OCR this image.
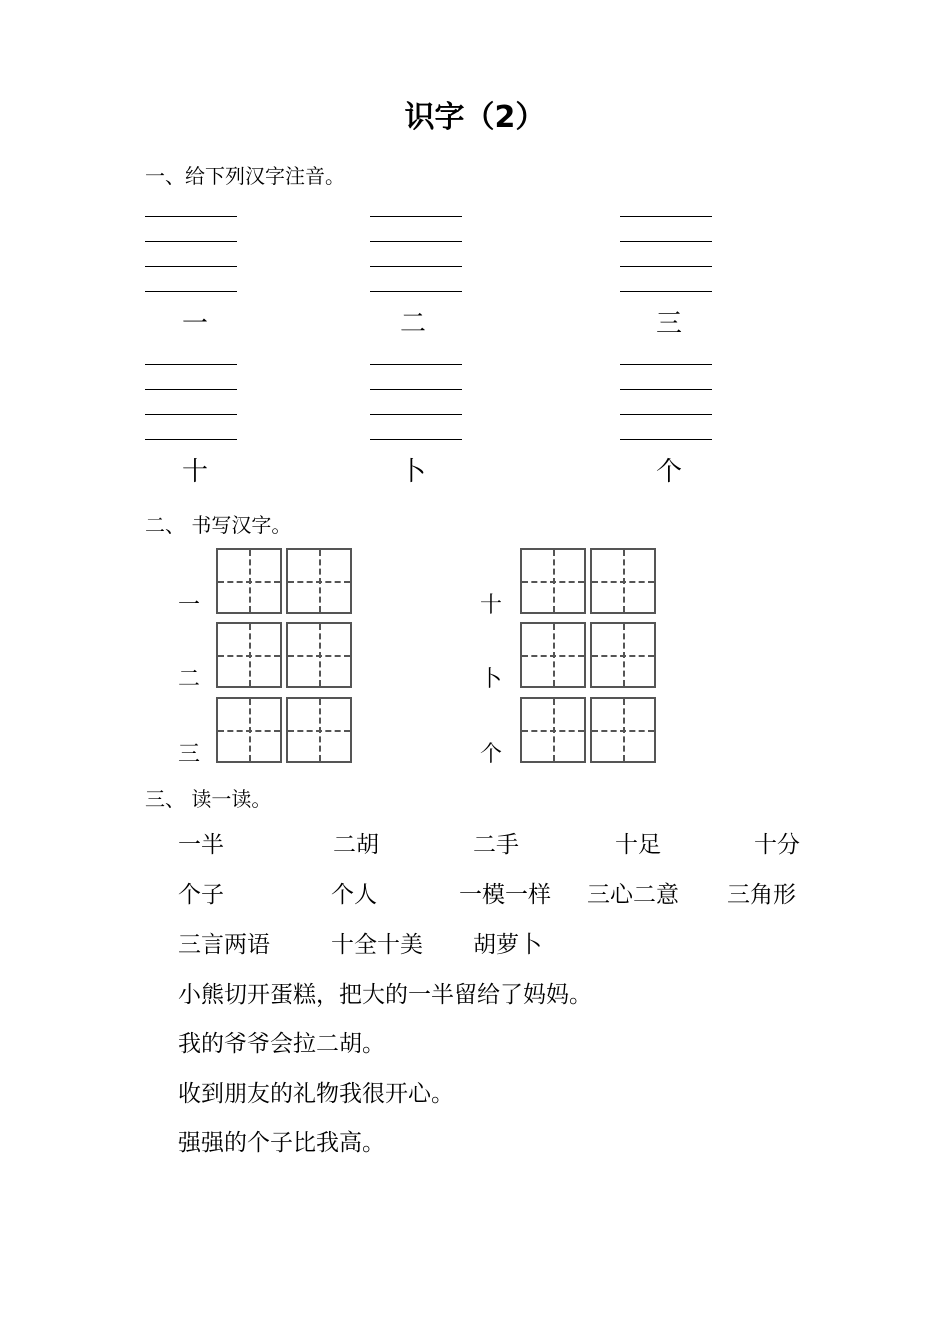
识字（2）
一、给下列汉字注音。
一	二	三
十	卜	个
二、 书写汉字。
一
二
三
十
卜
个
三、 读一读。
一半	二胡	二手	十足	十分
个子	个人	一模一样 三心二意 三角形
三言两语	十全十美 胡萝卜
小熊切开蛋糕，把大的一半留给了妈妈。
我的爷爷会拉二胡。
收到朋友的礼物我很开心。
强强的个子比我高。
